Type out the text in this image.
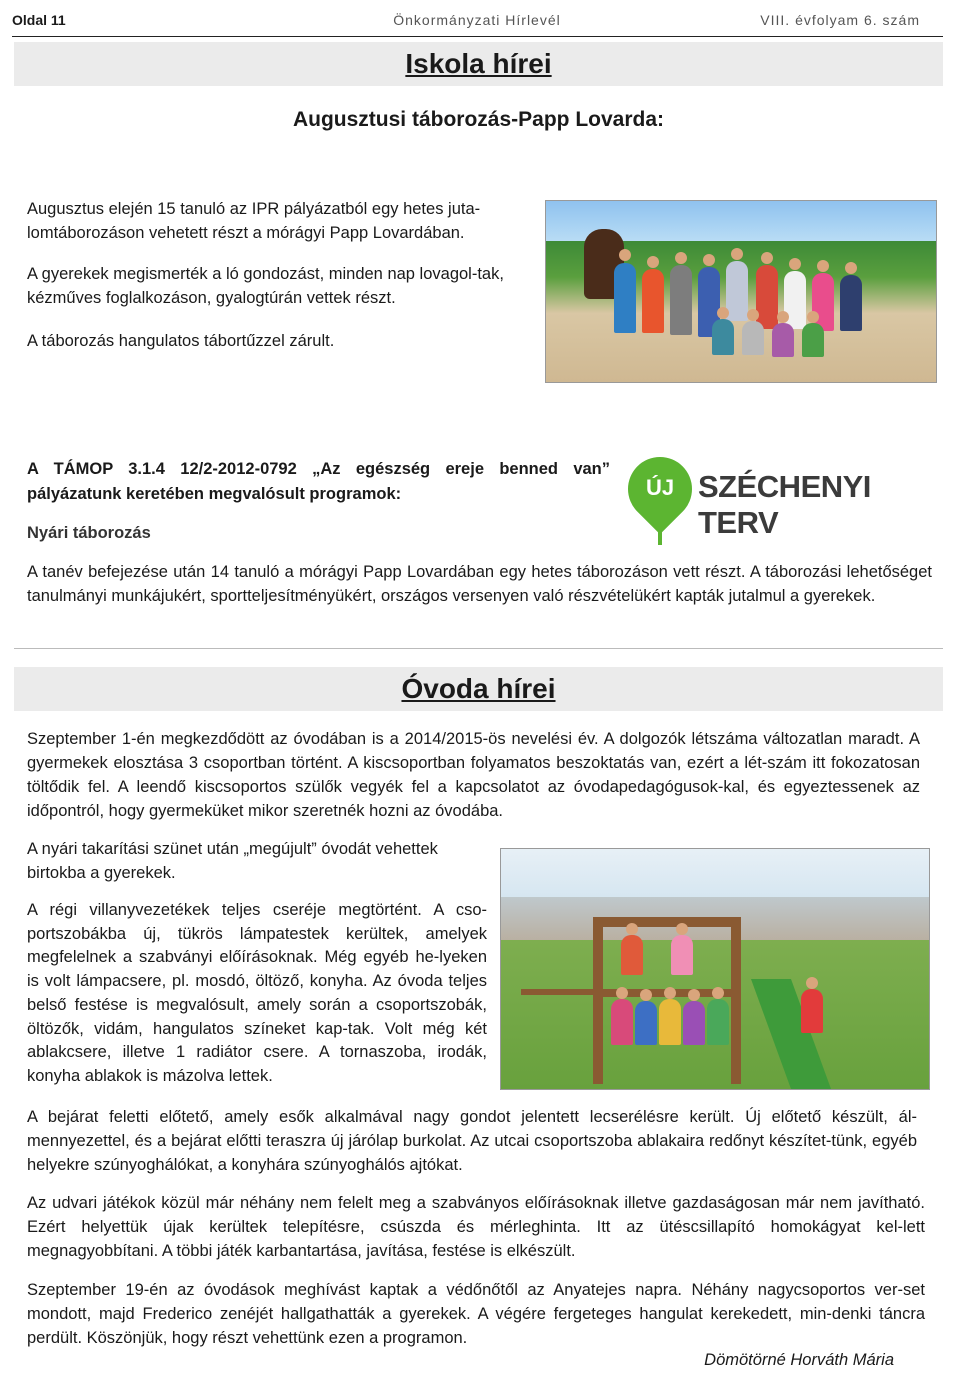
Oldal 11	Önkormányzati Hírlevél	VIII. évfolyam 6. szám
Iskola hírei
Augusztusi táborozás-Papp Lovarda:

Augusztus elején 15 tanuló az IPR pályázatból egy hetes juta-lomtáborozáson vehetett részt a mórágyi Papp Lovardában.

A gyerekek megismerték a ló gondozást, minden nap lovagol-tak, kézműves foglalkozáson, gyalogtúrán vettek részt.

A táborozás hangulatos tábortűzzel zárult.

A TÁMOP 3.1.4 12/2-2012-0792 „Az egészség ereje benned van” pályázatunk keretében megvalósult programok:	ÚJ SZÉCHENYI TERV

Nyári táborozás

A tanév befejezése után 14 tanuló a mórágyi Papp Lovardában egy hetes táborozáson vett részt. A táborozási lehetőséget tanulmányi munkájukért, sportteljesítményükért, országos versenyen való részvételükért kapták jutalmul a gyerekek.

Óvoda hírei

Szeptember 1-én megkezdődött az óvodában is a 2014/2015-ös nevelési év. A dolgozók létszáma változatlan maradt. A gyermekek elosztása 3 csoportban történt. A kiscsoportban folyamatos beszoktatás van, ezért a lét-szám itt fokozatosan töltődik fel. A leendő kiscsoportos szülők vegyék fel a kapcsolatot az óvodapedagógusok-kal, és egyeztessenek az időpontról, hogy gyermeküket mikor szeretnék hozni az óvodába.

A nyári takarítási szünet után „megújult” óvodát vehettek birtokba a gyerekek.

A régi villanyvezetékek teljes cseréje megtörtént. A cso-portszobákba új, tükrös lámpatestek kerültek, amelyek megfelelnek a szabványi előírásoknak. Még egyéb he-lyeken is volt lámpacsere, pl. mosdó, öltöző, konyha. Az óvoda teljes belső festése is megvalósult, amely során a csoportszobák, öltözők, vidám, hangulatos színeket kap-tak. Volt még két ablakcsere, illetve 1 radiátor csere. A tornaszoba, irodák, konyha ablakok is mázolva lettek.

A bejárat feletti előtető, amely esők alkalmával nagy gondot jelentett lecserélésre került. Új előtető készült, ál-mennyezettel, és a bejárat előtti teraszra új járólap burkolat. Az utcai csoportszoba ablakaira redőnyt készítet-tünk, egyéb helyekre szúnyoghálókat, a konyhára szúnyoghálós ajtókat.

Az udvari játékok közül már néhány nem felelt meg a szabványos előírásoknak illetve gazdaságosan már nem javítható. Ezért helyettük újak kerültek telepítésre, csúszda és mérleghinta. Itt az ütéscsillapító homokágyat kel-lett megnagyobbítani. A többi játék karbantartása, javítása, festése is elkészült.

Szeptember 19-én az óvodások meghívást kaptak a védőnőtől az Anyatejes napra. Néhány nagycsoportos ver-set mondott, majd Frederico zenéjét hallgathatták a gyerekek. A végére fergeteges hangulat kerekedett, min-denki táncra perdült. Köszönjük, hogy részt vehettünk ezen a programon.

Dömötörné Horváth Mária
